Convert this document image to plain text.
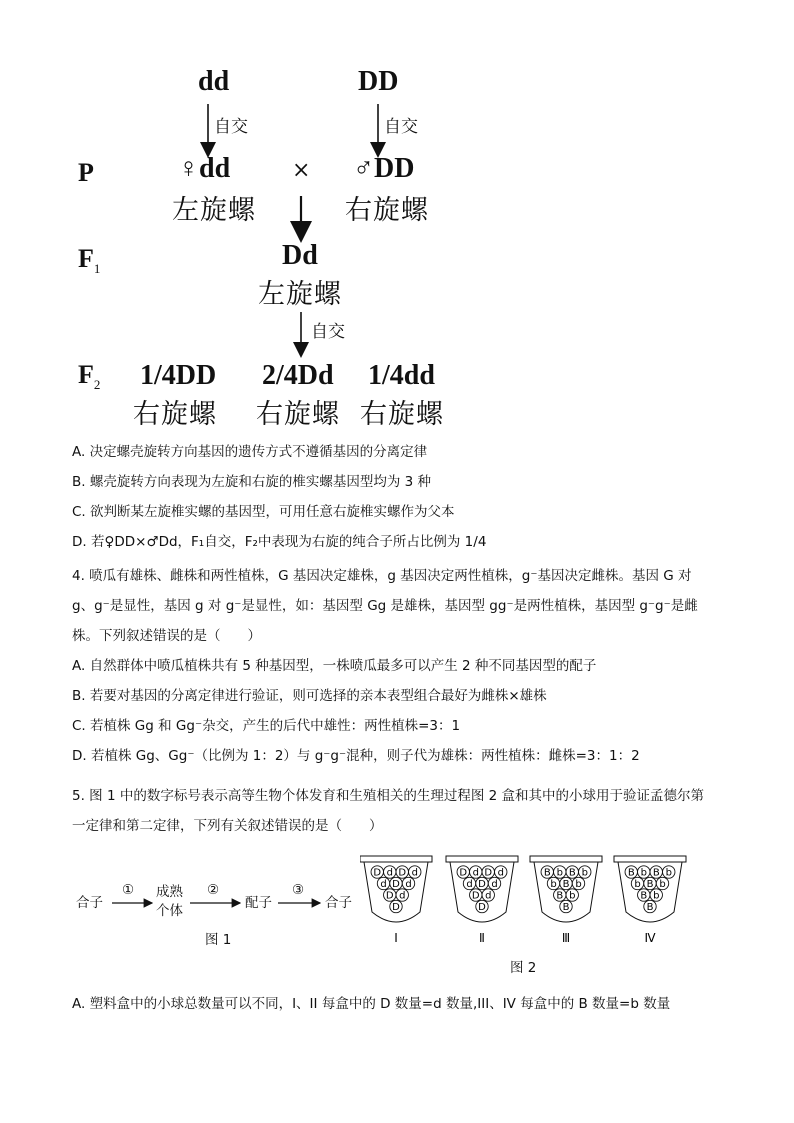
dd	DD
自交	自交
P	♀dd	× ♂DD
左旋螺	右旋螺
$F_1$	Dd
左旋螺
自交
$F_2$ 1/4DD 2/4Dd 1/4dd
右旋螺 右旋螺 右旋螺
A. 决定螺壳旋转方向基因的遗传方式不遵循基因的分离定律
B. 螺壳旋转方向表现为左旋和右旋的椎实螺基因型均为 3 种
C. 欲判断某左旋椎实螺的基因型，可用任意右旋椎实螺作为父本
D. 若♀DD×♂Dd，F₁自交，F₂中表现为右旋的纯合子所占比例为 1/4
4. 喷瓜有雄株、雌株和两性植株，G 基因决定雄株，g 基因决定两性植株，g⁻基因决定雌株。基因 G 对
g、g⁻是显性，基因 g 对 g⁻是显性，如：基因型 Gg 是雄株，基因型 gg⁻是两性植株，基因型 g⁻g⁻是雌
株。下列叙述错误的是（　　）
A. 自然群体中喷瓜植株共有 5 种基因型，一株喷瓜最多可以产生 2 种不同基因型的配子
B. 若要对基因的分离定律进行验证，则可选择的亲本表型组合最好为雌株×雄株
C. 若植株 Gg 和 Gg⁻杂交，产生的后代中雄性：两性植株=3：1
D. 若植株 Gg、Gg⁻（比例为 1：2）与 g⁻g⁻混种，则子代为雄株：两性植株：雌株=3：1：2
5. 图 1 中的数字标号表示高等生物个体发育和生殖相关的生理过程图 2 盒和其中的小球用于验证孟德尔第
一定律和第二定律，下列有关叙述错误的是（　　）
合子
① 成熟
个体
②
配子
③
合子
图 1
D d D d
d D d
D d
D
I
D d D d
d D d
D d
D
Ⅱ
B b B b
b B b
B b
B
Ⅲ
B b B b
b B b
B b
B
Ⅳ
图 2
A. 塑料盒中的小球总数量可以不同，I、II 每盒中的 D 数量=d 数量,III、IV 每盒中的 B 数量=b 数量
